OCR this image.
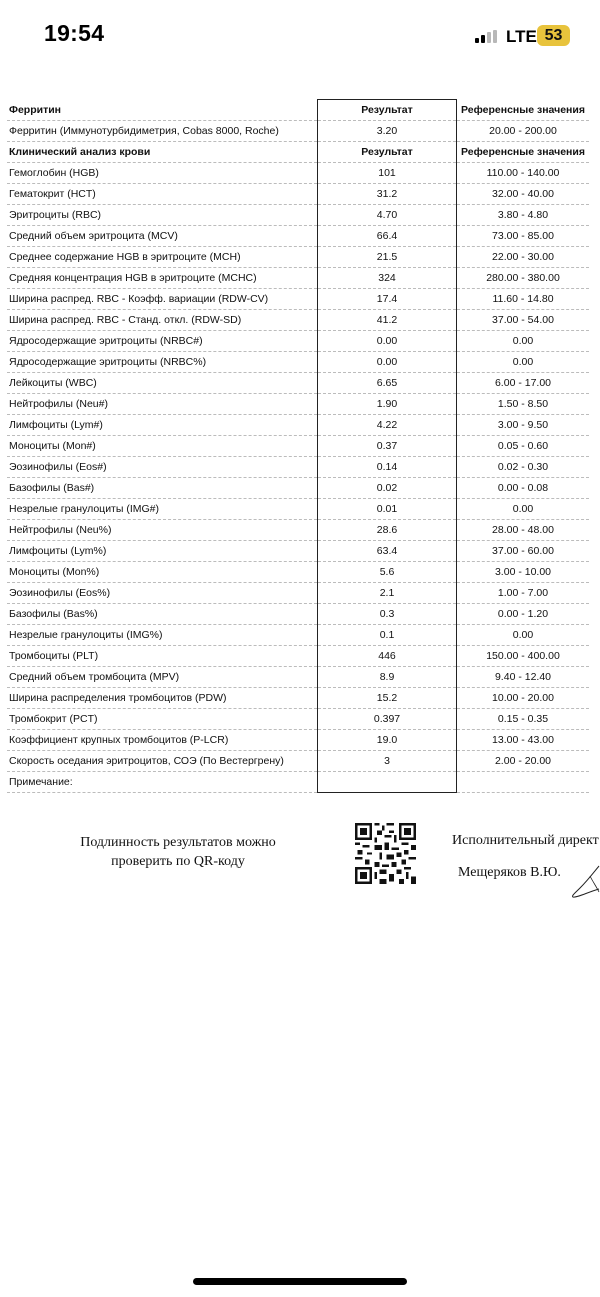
19:54	LTE 53
Ферритин	Результат	Референсные значения
Ферритин (Иммунотурбидиметрия, Cobas 8000, Roche)	3.20	20.00 - 200.00
Клинический анализ крови	Результат	Референсные значения
Гемоглобин (HGB)	101	110.00 - 140.00
Гематокрит (HCT)	31.2	32.00 - 40.00
Эритроциты (RBC)	4.70	3.80 - 4.80
Средний объем эритроцита (MCV)	66.4	73.00 - 85.00
Среднее содержание HGB в эритроците (MCH)	21.5	22.00 - 30.00
Средняя концентрация HGB в эритроците (MCHC)	324	280.00 - 380.00
Ширина распред. RBC - Коэфф. вариации (RDW-CV)	17.4	11.60 - 14.80
Ширина распред. RBC - Станд. откл. (RDW-SD)	41.2	37.00 - 54.00
Ядросодержащие эритроциты (NRBC#)	0.00	0.00
Ядросодержащие эритроциты (NRBC%)	0.00	0.00
Лейкоциты (WBC)	6.65	6.00 - 17.00
Нейтрофилы (Neu#)	1.90	1.50 - 8.50
Лимфоциты (Lym#)	4.22	3.00 - 9.50
Моноциты (Mon#)	0.37	0.05 - 0.60
Эозинофилы (Eos#)	0.14	0.02 - 0.30
Базофилы (Bas#)	0.02	0.00 - 0.08
Незрелые гранулоциты (IMG#)	0.01	0.00
Нейтрофилы (Neu%)	28.6	28.00 - 48.00
Лимфоциты (Lym%)	63.4	37.00 - 60.00
Моноциты (Mon%)	5.6	3.00 - 10.00
Эозинофилы (Eos%)	2.1	1.00 - 7.00
Базофилы (Bas%)	0.3	0.00 - 1.20
Незрелые гранулоциты (IMG%)	0.1	0.00
Тромбоциты (PLT)	446	150.00 - 400.00
Средний объем тромбоцита (MPV)	8.9	9.40 - 12.40
Ширина распределения тромбоцитов (PDW)	15.2	10.00 - 20.00
Тромбокрит (PCT)	0.397	0.15 - 0.35
Коэффициент крупных тромбоцитов (P-LCR)	19.0	13.00 - 43.00
Скорость оседания эритроцитов, СОЭ (По Вестергрену)	3	2.00 - 20.00
Примечание:		
Подлинность результатов можно
проверить по QR-коду
Исполнительный директ
Мещеряков В.Ю.
